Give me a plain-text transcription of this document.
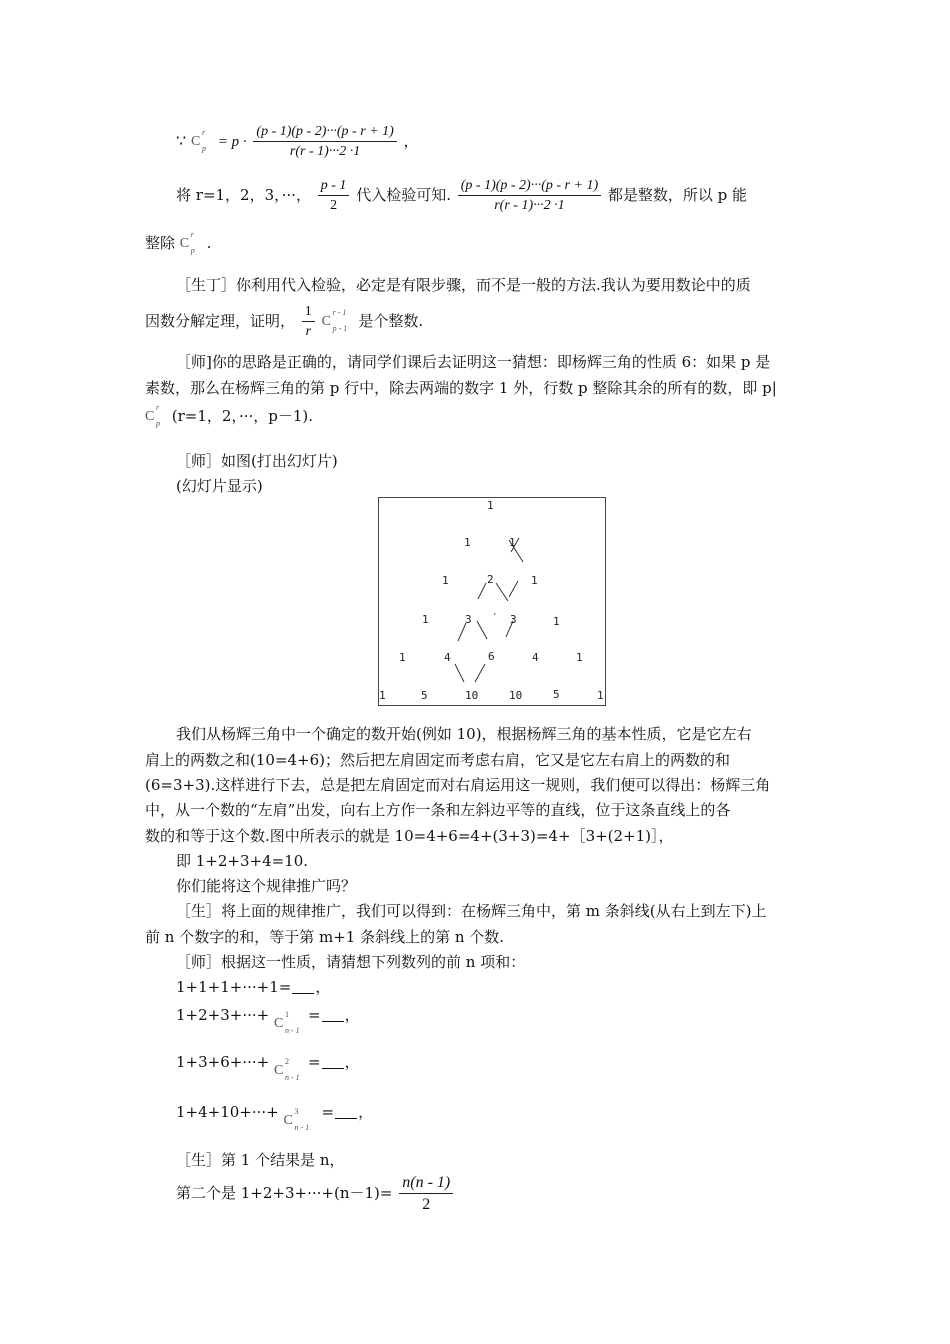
∵ C
r
$p = p \cdot \frac{(p - 1)(p - 2)\cdot\cdot\cdot(p - r + 1)}{r(r - 1)\cdot\cdot\cdot 2 \cdot 1}$ ，
将 r=1，2，3，···， $\frac{p - 1}{2}$ 代入检验可知. $\frac{(p - 1)(p - 2)\cdot\cdot\cdot(p - r + 1)}{r(r - 1)\cdot\cdot\cdot 2 \cdot 1}$ 都是整数，所以 p 能
整除 C
r
p .
［生丁］你利用代入检验，必定是有限步骤，而不是一般的方法.我认为要用数论中的质
因数分解定理，证明， $\frac{1}{r}$
C
r - 1
p - 1 是个整数.
［师]你的思路是正确的，请同学们课后去证明这一猜想：即杨辉三角的性质 6：如果 p 是
素数，那么在杨辉三角的第 p 行中，除去两端的数字 1 外，行数 p 整除其余的所有的数，即 p|
C
r
p (r=1，2，···，p－1).
［师］如图(打出幻灯片)
(幻灯片显示)
1
1	1
1	2	1
1	3 · 3	1
1	4	6	4	1
1	5	10	10	5	1
我们从杨辉三角中一个确定的数开始(例如 10)，根据杨辉三角的基本性质，它是它左右
肩上的两数之和(10=4+6)；然后把左肩固定而考虑右肩，它又是它左右肩上的两数的和
(6=3+3).这样进行下去，总是把左肩固定而对右肩运用这一规则，我们便可以得出：杨辉三角
中，从一个数的“左肩”出发，向右上方作一条和左斜边平等的直线，位于这条直线上的各
数的和等于这个数.图中所表示的就是 10=4+6=4+(3+3)=4+［3+(2+1)］，
即 1+2+3+4=10.
你们能将这个规律推广吗？
［生］将上面的规律推广，我们可以得到：在杨辉三角中，第 m 条斜线(从右上到左下)上
前 n 个数字的和，等于第 m+1 条斜线上的第 n 个数.
［师］根据这一性质，请猜想下列数列的前 n 项和：
1+1+1+···+1= ，
1+2+3+···+ C
1
n - 1
= ，
1+3+6+···+ C
2
n - 1
= ，
1+4+10+···+ C
3
n - 1
= ，
［生］第 1 个结果是 n，
第二个是 $1+2+3+\cdot\cdot\cdot+(n-1)= \frac{n(n - 1)}{2}$
